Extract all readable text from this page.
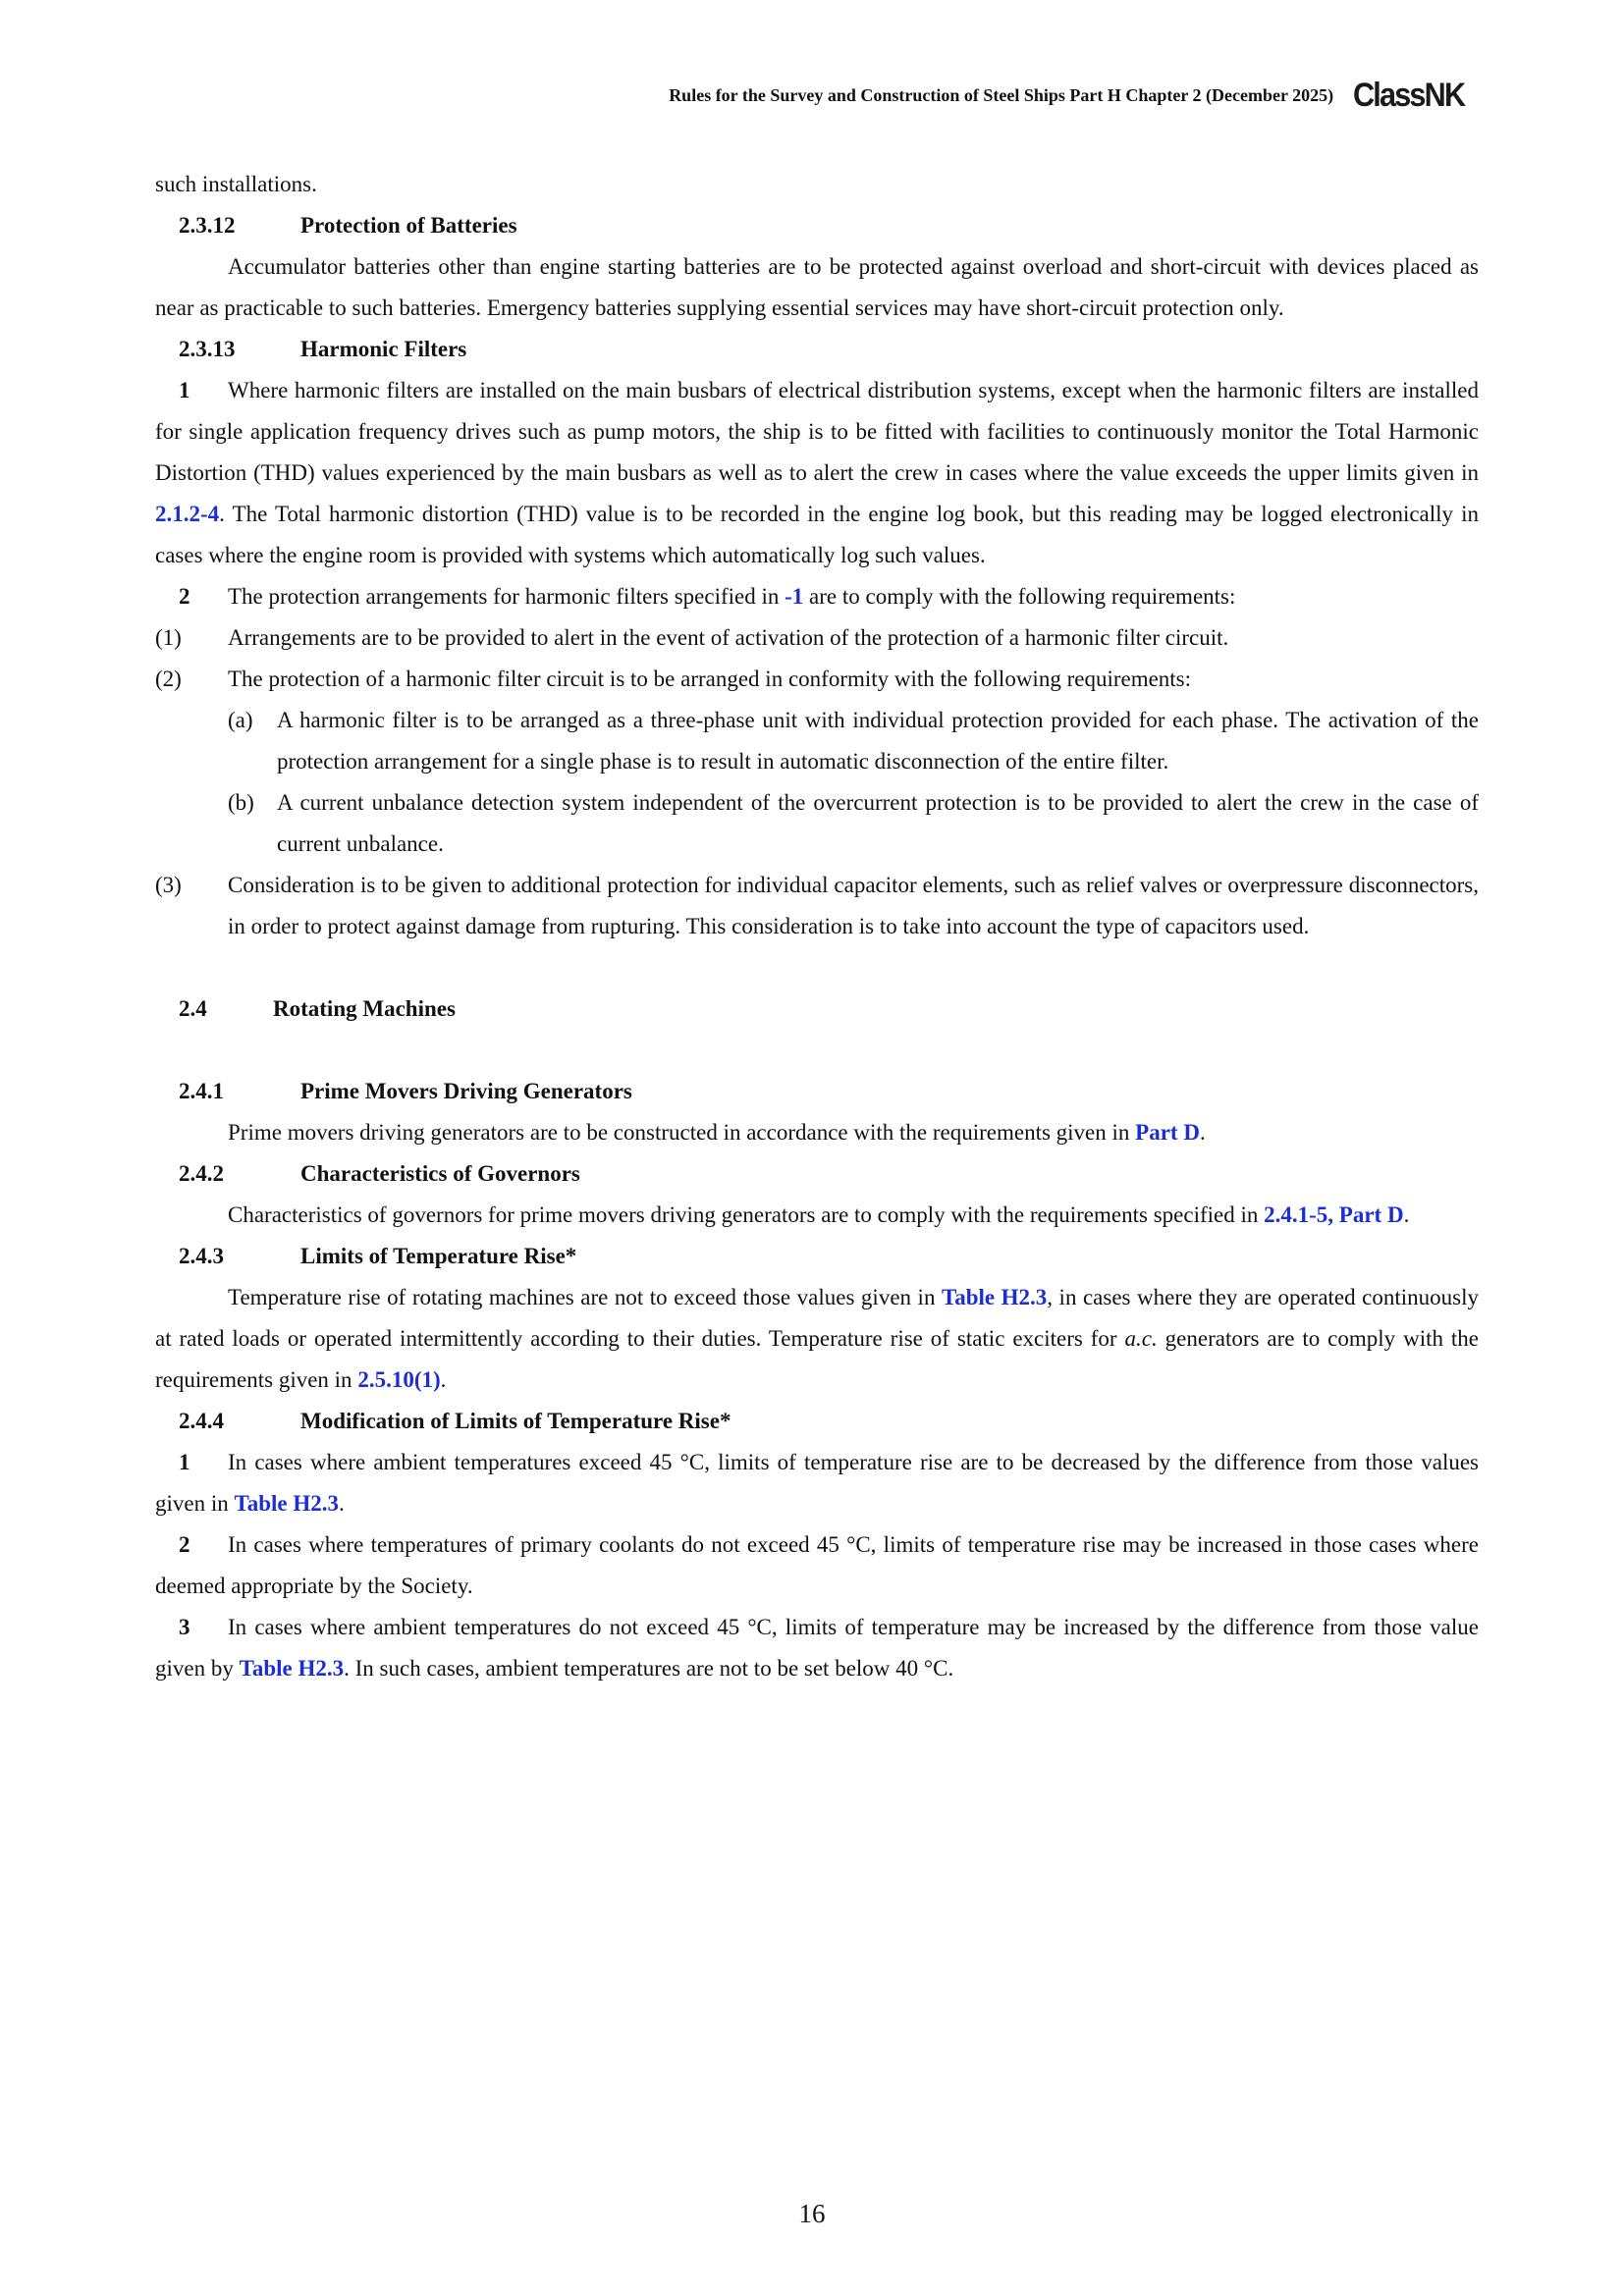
Rules for the Survey and Construction of Steel Ships Part H Chapter 2 (December 2025) ClassNK

such installations.

2.3.12	Protection of Batteries

Accumulator batteries other than engine starting batteries are to be protected against overload and short-circuit with devices placed as near as practicable to such batteries. Emergency batteries supplying essential services may have short-circuit protection only.

2.3.13	Harmonic Filters

1 Where harmonic filters are installed on the main busbars of electrical distribution systems, except when the harmonic filters are installed for single application frequency drives such as pump motors, the ship is to be fitted with facilities to continuously monitor the Total Harmonic Distortion (THD) values experienced by the main busbars as well as to alert the crew in cases where the value exceeds the upper limits given in 2.1.2-4. The Total harmonic distortion (THD) value is to be recorded in the engine log book, but this reading may be logged electronically in cases where the engine room is provided with systems which automatically log such values.

2 The protection arrangements for harmonic filters specified in -1 are to comply with the following requirements:

(1)	Arrangements are to be provided to alert in the event of activation of the protection of a harmonic filter circuit.
(2)	The protection of a harmonic filter circuit is to be arranged in conformity with the following requirements:
(a)	A harmonic filter is to be arranged as a three-phase unit with individual protection provided for each phase. The activation of the protection arrangement for a single phase is to result in automatic disconnection of the entire filter.
(b)	A current unbalance detection system independent of the overcurrent protection is to be provided to alert the crew in the case of current unbalance.
(3)	Consideration is to be given to additional protection for individual capacitor elements, such as relief valves or overpressure disconnectors, in order to protect against damage from rupturing. This consideration is to take into account the type of capacitors used.

2.4	Rotating Machines

2.4.1	Prime Movers Driving Generators

Prime movers driving generators are to be constructed in accordance with the requirements given in Part D.

2.4.2	Characteristics of Governors

Characteristics of governors for prime movers driving generators are to comply with the requirements specified in 2.4.1-5, Part D.

2.4.3	Limits of Temperature Rise*

Temperature rise of rotating machines are not to exceed those values given in Table H2.3, in cases where they are operated continuously at rated loads or operated intermittently according to their duties. Temperature rise of static exciters for a.c. generators are to comply with the requirements given in 2.5.10(1).

2.4.4	Modification of Limits of Temperature Rise*

1 In cases where ambient temperatures exceed 45 °C, limits of temperature rise are to be decreased by the difference from those values given in Table H2.3.

2 In cases where temperatures of primary coolants do not exceed 45 °C, limits of temperature rise may be increased in those cases where deemed appropriate by the Society.

3 In cases where ambient temperatures do not exceed 45 °C, limits of temperature may be increased by the difference from those value given by Table H2.3. In such cases, ambient temperatures are not to be set below 40 °C.

16
